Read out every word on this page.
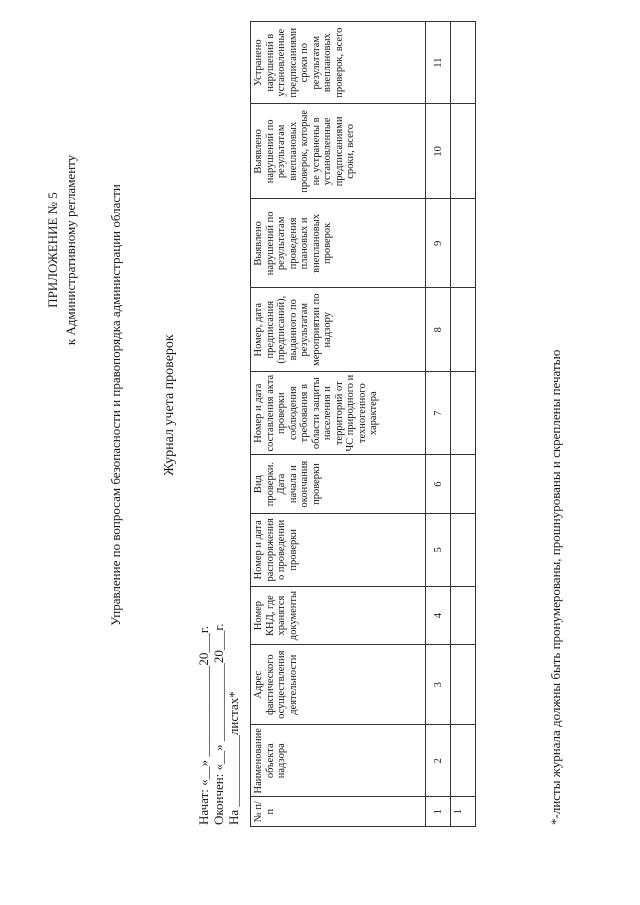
ПРИЛОЖЕНИЕ № 5 к Административному регламенту Управление по вопросам безопасности и правопорядка администрации области	Журнал учета проверок
Начат: «__» ______________20___г. Окончен: «__» ____________20___г. На ___________листах* № п/п	Наименование объекта надзора	Адрес фактического осуществления деятельности	Номер КНД, где хранятся документы	Номер и дата распоряжения о проведении проверки	Вид проверки. Дата начала и окончания проверки	Номер и дата составления акта проверки соблюдения требования в области защиты населения и территорий от ЧС природного и техногенного характера	Номер, дата предписания (предписаний), выданного по результатам мероприятии по надзору	Выявлено нарушений по результатам проведения плановых и внеплановых проверок	Выявлено нарушений по результатам внеплановых проверок, которые не устранены в установленные предписаниями сроки, всего	Устранено нарушений в установленные предписаниями сроки по результатам внеплановых проверок, всего
1	2	3	4	5	6	7	8	9	10	11
1											*-листы журнала должны быть пронумерованы, прошнурованы и скреплены печатью
